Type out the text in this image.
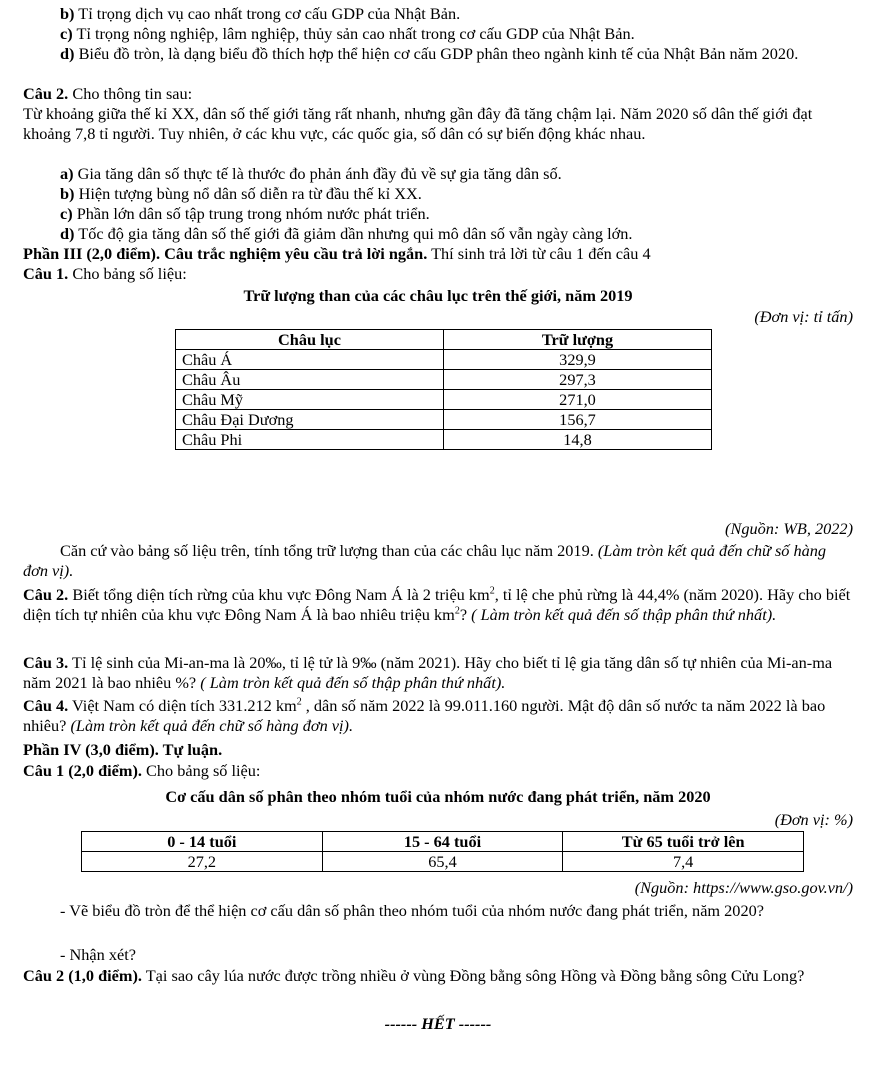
b) Tỉ trọng dịch vụ cao nhất trong cơ cấu GDP của Nhật Bản.

c) Tỉ trọng nông nghiệp, lâm nghiệp, thủy sản cao nhất trong cơ cấu GDP của Nhật Bản.

d) Biểu đồ tròn, là dạng biểu đồ thích hợp thể hiện cơ cấu GDP phân theo ngành kinh tế của Nhật Bản năm 2020.

Câu 2. Cho thông tin sau:

Từ khoảng giữa thế kỉ XX, dân số thế giới tăng rất nhanh, nhưng gần đây đã tăng chậm lại. Năm 2020 số dân thế giới đạt khoảng 7,8 tỉ người. Tuy nhiên, ở các khu vực, các quốc gia, số dân có sự biến động khác nhau.

a) Gia tăng dân số thực tế là thước đo phản ánh đầy đủ về sự gia tăng dân số.

b) Hiện tượng bùng nổ dân số diễn ra từ đầu thế kỉ XX.

c) Phần lớn dân số tập trung trong nhóm nước phát triển.

d) Tốc độ gia tăng dân số thế giới đã giảm dần nhưng qui mô dân số vẫn ngày càng lớn.

Phần III (2,0 điểm). Câu trắc nghiệm yêu cầu trả lời ngắn. Thí sinh trả lời từ câu 1 đến câu 4

Câu 1. Cho bảng số liệu:

Trữ lượng than của các châu lục trên thế giới, năm 2019

(Đơn vị: tỉ tấn)

Châu lục	Trữ lượng
Châu Á	329,9
Châu Âu	297,3
Châu Mỹ	271,0
Châu Đại Dương	156,7
Châu Phi	14,8

(Nguồn: WB, 2022)

Căn cứ vào bảng số liệu trên, tính tổng trữ lượng than của các châu lục năm 2019. (Làm tròn kết quả đến chữ số hàng đơn vị).

Câu 2. Biết tổng diện tích rừng của khu vực Đông Nam Á là 2 triệu $km^2$, tỉ lệ che phủ rừng là 44,4% (năm 2020). Hãy cho biết diện tích tự nhiên của khu vực Đông Nam Á là bao nhiêu triệu $km^2$? ( Làm tròn kết quả đến số thập phân thứ nhất).

Câu 3. Tỉ lệ sinh của Mi-an-ma là 20‰, tỉ lệ tử là 9‰ (năm 2021). Hãy cho biết tỉ lệ gia tăng dân số tự nhiên của Mi-an-ma năm 2021 là bao nhiêu %? ( Làm tròn kết quả đến số thập phân thứ nhất).

Câu 4. Việt Nam có diện tích 331.212 $km^2$ , dân số năm 2022 là 99.011.160 người. Mật độ dân số nước ta năm 2022 là bao nhiêu? (Làm tròn kết quả đến chữ số hàng đơn vị).

Phần IV (3,0 điểm). Tự luận.

Câu 1 (2,0 điểm). Cho bảng số liệu:

Cơ cấu dân số phân theo nhóm tuổi của nhóm nước đang phát triển, năm 2020

(Đơn vị: %)

0 - 14 tuổi	15 - 64 tuổi	Từ 65 tuổi trở lên
27,2	65,4	7,4

(Nguồn: https://www.gso.gov.vn/)

- Vẽ biểu đồ tròn để thể hiện cơ cấu dân số phân theo nhóm tuổi của nhóm nước đang phát triển, năm 2020?

- Nhận xét?

Câu 2 (1,0 điểm). Tại sao cây lúa nước được trồng nhiều ở vùng Đồng bằng sông Hồng và Đồng bằng sông Cửu Long?

------ HẾT ------
